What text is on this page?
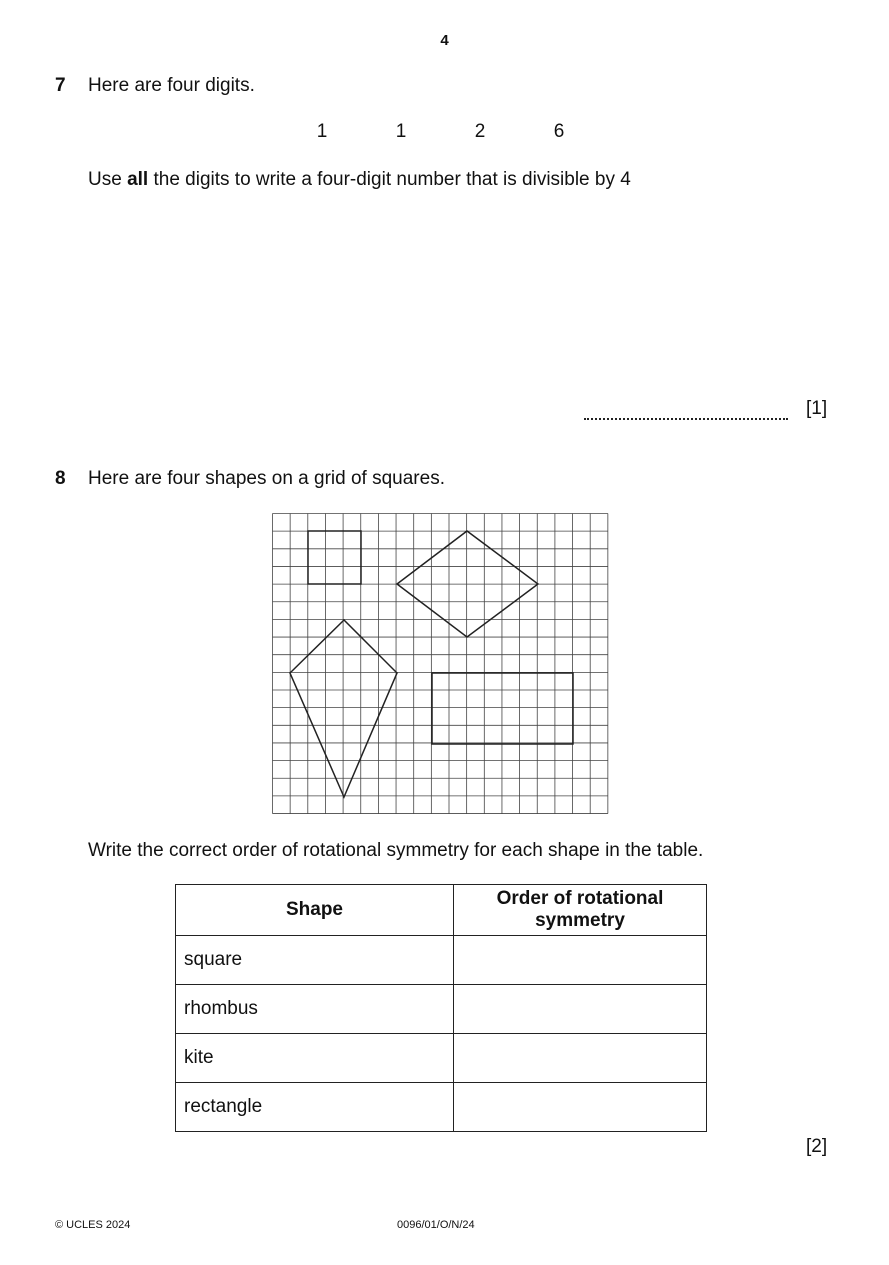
4
7 Here are four digits.
1	1	2	6
Use all the digits to write a four-digit number that is divisible by 4
[1]
8 Here are four shapes on a grid of squares.
Write the correct order of rotational symmetry for each shape in the table.
Shape	Order of rotational symmetry
square	
rhombus	
kite	
rectangle	
[2]
© UCLES 2024	0096/01/O/N/24
